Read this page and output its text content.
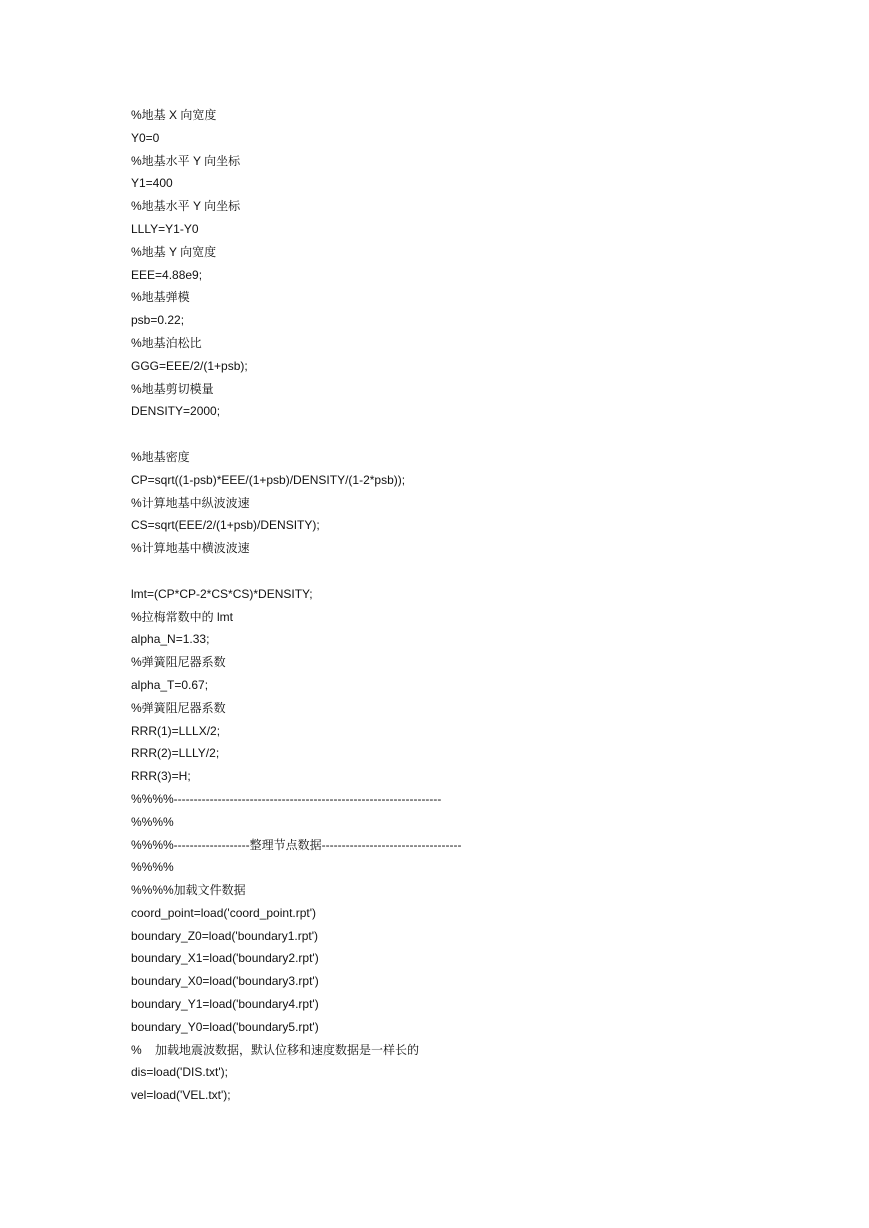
%地基 X 向宽度
Y0=0
%地基水平 Y 向坐标
Y1=400
%地基水平 Y 向坐标
LLLY=Y1-Y0
%地基 Y 向宽度
EEE=4.88e9;
%地基弹模
psb=0.22;
%地基泊松比
GGG=EEE/2/(1+psb);
%地基剪切模量
DENSITY=2000;
%地基密度
CP=sqrt((1-psb)*EEE/(1+psb)/DENSITY/(1-2*psb));
%计算地基中纵波波速
CS=sqrt(EEE/2/(1+psb)/DENSITY);
%计算地基中横波波速
lmt=(CP*CP-2*CS*CS)*DENSITY;
%拉梅常数中的 lmt
alpha_N=1.33;
%弹簧阻尼器系数
alpha_T=0.67;
%弹簧阻尼器系数
RRR(1)=LLLX/2;
RRR(2)=LLLY/2;
RRR(3)=H;
%%%%-------------------------------------------------------------------
%%%%
%%%%-------------------整理节点数据-----------------------------------
%%%%
%%%%加载文件数据
coord_point=load('coord_point.rpt')
boundary_Z0=load('boundary1.rpt')
boundary_X1=load('boundary2.rpt')
boundary_X0=load('boundary3.rpt')
boundary_Y1=load('boundary4.rpt')
boundary_Y0=load('boundary5.rpt')
%    加载地震波数据，默认位移和速度数据是一样长的
dis=load('DIS.txt');
vel=load('VEL.txt');
